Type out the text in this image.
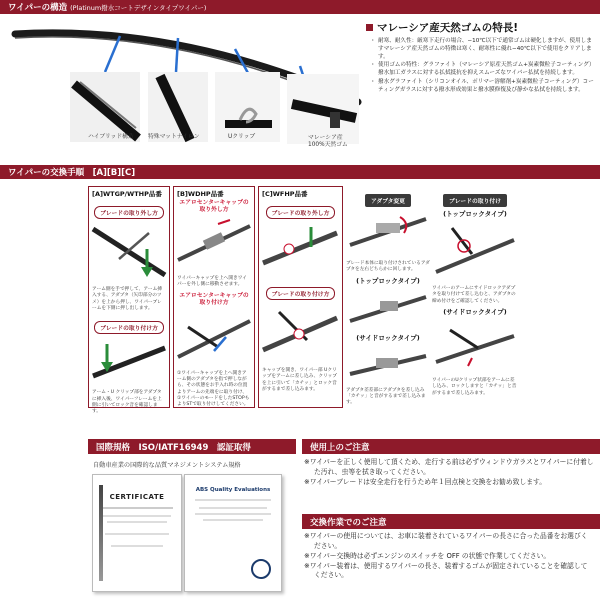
ワイパーの構造 (Platinum撥水コートデザインタイプワイパー)
ハイブリッド構造 特殊マットナイロン	Uクリップ	マレーシア産
100%天然ゴム
マレーシア産天然ゴムの特長!
・ 耐寒、耐久性：厳寒下走行の場合、−10℃以下で通常ゴムは硬化しますが、使用しますマレーシア産天然ゴムの特徴は寒く、耐寒性に優れ−40℃以下で使用をクリアします。
・ 使用ゴムの特性：グラファイト（マレーシア原産天然ゴム+炭素微粒子コーティング）撥水加工ガラスに対する払拭抵抗を抑えスムーズなワイパー払拭を持続します。
・ 撥水グラファイト（シリコンオイル、ポリマー溶解剤+炭素微粒子コーティング）コーティングガラスに対する撥水形成効果と撥水膜修復及び静かな払拭を持続します。
ワイパーの交換手順　[A][B][C]
[A]WTGP/WTHP品番
ブレードの取り外し方
アーム側を手で押して、アーム挿入する、アダプタ（矢印部分のツメ）を上から押し、ワイパーブレームを下側に押し出します。
ブレードの取り付け方
アーム・U クリップ部をアダプタに挿入後、ワイパーフレームを上側に引いてロック音を確認します。
[B]WDHP品番
エアロセンターキャップの
取り外し方
ワイパーキャップを上へ開きワイパーを外し側に移動させます。
エアロセンターキャップの
取り付け方
①ワイパーキャップを上へ開きアーム側のアダプタを指で押しながら、その状態をお手入れ時の位置よりアームの先端をに取り付け、①ワイパーのモードをしたSTOPもよりSTで取り付けしてください。
[C]WFHP品番
ブレードの取り外し方
ブレードの取り付け方
キャップを開き、ワイパー部 Uクリップをアームに差し込み、クリップを上に引いて「カチッ」とロック音がするまで差し込みます。
アダプタ変更
ブレード本体に取り付けされているアダプタを左右どちらかに回します。
(トップロックタイプ)
(サイドロックタイプ)
アダプタ差差部にアダプタを差し込み「カチッ」と音がするまで差し込みます。
ブレードの取り付け
(トップロックタイプ)
ワイパーのアームにサイドロックアダプタを取り付けて差し込むと、アダプタの締め付けをご確認してください。
(サイドロックタイプ)
ワイパーのUクリップ状部をアームに差し込み、ロックしますと「カチッ」と音がするまで差し込みます。
国際規格　ISO/IATF16949　認証取得
自動車産業の国際的な品質マネジメントシステム規格
CERTIFICATE
ABS Quality Evaluations
使用上のご注意

※ワイパーを正しく使用して頂くため、走行する前は必ずウィンドウガラスとワイパーに付着した汚れ、虫等を拭き取ってください。

※ワイパーブレードは安全走行を行うため年１回点検と交換をお勧め致します。

交換作業でのご注意

※ワイパーの使用については、お車に装着されているワイパーの長さに合った品番をお選びください。

※ワイパー交換時は必ずエンジンのスイッチを OFF の状態で作業してください。

※ワイパー装着は、使用するワイパーの長さ、装着するゴムが固定されていることを確認してください。
